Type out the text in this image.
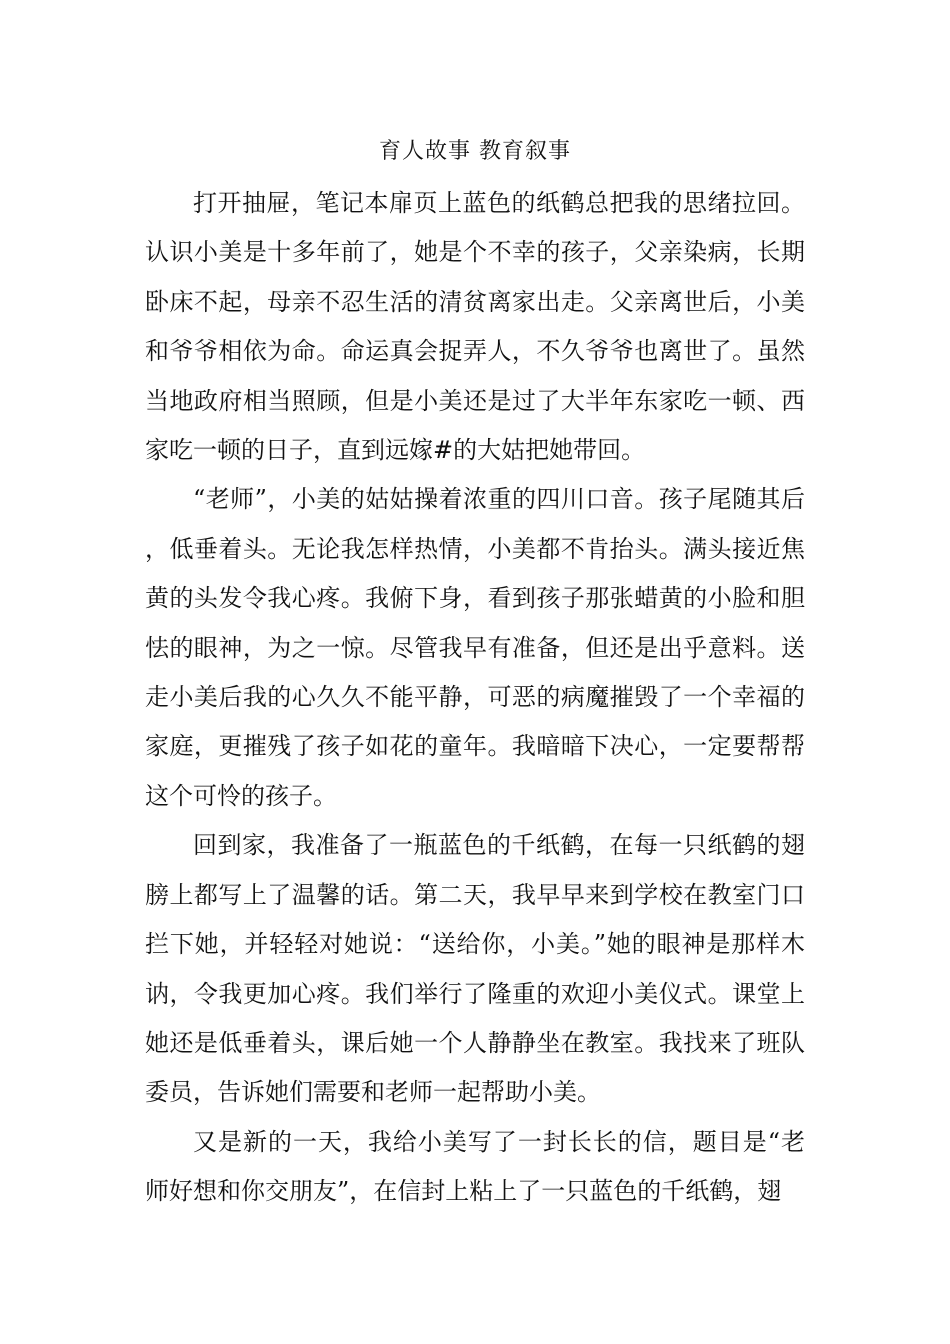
育人故事 教育叙事

打开抽屉，笔记本扉页上蓝色的纸鹤总把我的思绪拉回。认识小美是十多年前了，她是个不幸的孩子，父亲染病，长期卧床不起，母亲不忍生活的清贫离家出走。父亲离世后，小美和爷爷相依为命。命运真会捉弄人，不久爷爷也离世了。虽然当地政府相当照顾，但是小美还是过了大半年东家吃一顿、西家吃一顿的日子，直到远嫁#的大姑把她带回。

“老师”，小美的姑姑操着浓重的四川口音。孩子尾随其后，低垂着头。无论我怎样热情，小美都不肯抬头。满头接近焦黄的头发令我心疼。我俯下身，看到孩子那张蜡黄的小脸和胆怯的眼神，为之一惊。尽管我早有准备，但还是出乎意料。送走小美后我的心久久不能平静，可恶的病魔摧毁了一个幸福的家庭，更摧残了孩子如花的童年。我暗暗下决心，一定要帮帮这个可怜的孩子。

回到家，我准备了一瓶蓝色的千纸鹤，在每一只纸鹤的翅膀上都写上了温馨的话。第二天，我早早来到学校在教室门口拦下她，并轻轻对她说：“送给你，小美。”她的眼神是那样木讷，令我更加心疼。我们举行了隆重的欢迎小美仪式。课堂上她还是低垂着头，课后她一个人静静坐在教室。我找来了班队委员，告诉她们需要和老师一起帮助小美。

又是新的一天，我给小美写了一封长长的信，题目是“老师好想和你交朋友”，在信封上粘上了一只蓝色的千纸鹤，翅
